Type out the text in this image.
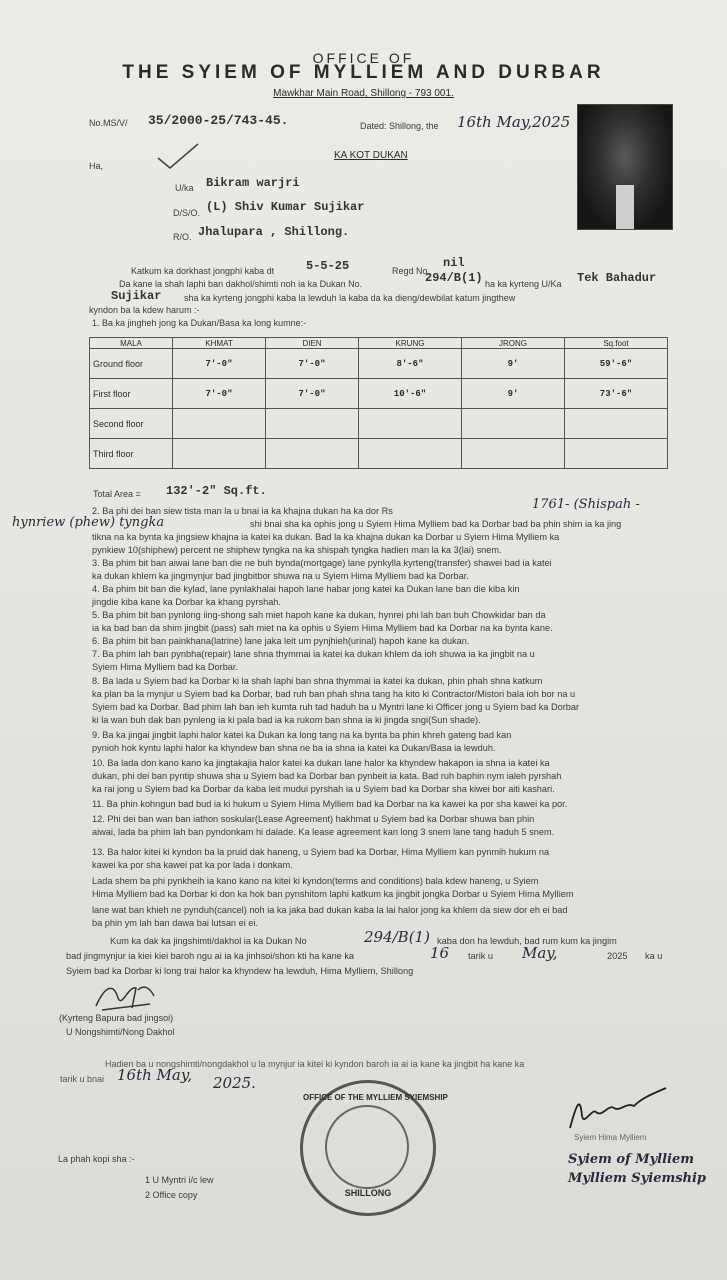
OFFICE OF
THE SYIEM OF MYLLIEM AND DURBAR
Mawkhar Main Road, Shillong - 793 001.
No.MS/V/ 35/2000-25/743-45.	Dated: Shillong, the 16th May,2025
KA KOT DUKAN
Ha,
U/ka Bikram warjri
D/S/O. (L) Shiv Kumar Sujikar
R/O. Jhalupara , Shillong.
Katkum ka dorkhast jongphi kaba dt	5-5-25	Regd No.
nil
Da kane la shah laphi ban dakhol/shimti noh ia ka Dukan No.	294/B(1) ha ka kyrteng U/Ka Tek Bahadur
Sujikar	sha ka kyrteng jongphi kaba la lewduh la kaba da ka dieng/dewbilat katum jingthew
kyndon ba la kdew harum :-
1. Ba ka jingheh jong ka Dukan/Basa ka long kumne:-
MALA	KHMAT	DIEN	KRUNG	JRONG	Sq.foot
Ground floor	7'-0"	7'-0"	8'-6"	9'	59'-6"
First floor	7'-0"	7'-0"	10'-6"	9'	73'-6"
Second floor					
Third floor					
Total Area = 132'-2" Sq.ft.
1761- (Shispah - hynriew (phew) tyngka
2. Ba phi dei ban siew tista man la u bnai ia ka khajna dukan ha ka dor Rs
shi bnai sha ka ophis jong u Syiem Hima Mylliem bad ka Dorbar bad ba phin shim ia ka jing
tikna na ka bynta ka jingsiew khajna ia katei ka dukan. Bad la ka khajna dukan ka Dorbar u Syiem Hima Mylliem ka
pynkiew 10(shiphew) percent ne shiphew tyngka na ka shispah tyngka hadien man la ka 3(lai) snem.
3. Ba phim bit ban aiwai lane ban die ne buh bynda(mortgage) lane pynkylla kyrteng(transfer) shawei bad ia katei
ka dukan khlem ka jingmynjur bad jingbitbor shuwa na u Syiem Hima Mylliem bad ka Dorbar.
4. Ba phim bit ban die kylad, lane pynlakhalai hapoh lane habar jong katei ka Dukan lane ban die kiba kin
jingdie kiba kane ka Dorbar ka khang pyrshah.
5. Ba phim bit ban pynlong iing-shong sah miet hapoh kane ka dukan, hynrei phi lah ban buh Chowkidar ban da
ia ka bad ban da shim jingbit (pass) sah miet na ka ophis u Syiem Hima Mylliem bad ka Dorbar na ka bynta kane.
6. Ba phim bit ban painkhana(latrine) lane jaka leit um pynjhieh(urinal) hapoh kane ka dukan.
7. Ba phim lah ban pynbha(repair) lane shna thymmai ia katei ka dukan khlem da ioh shuwa ia ka jingbit na u
Syiem Hima Mylliem bad ka Dorbar.
8. Ba lada u Syiem bad ka Dorbar ki la shah laphi ban shna thymmai ia katei ka dukan, phin phah shna katkum
ka plan ba la mynjur u Syiem bad ka Dorbar, bad ruh ban phah shna tang ha kito ki Contractor/Mistori bala ioh bor na u
Syiem bad ka Dorbar. Bad phim lah ban ieh kumta ruh tad haduh ba u Myntri lane ki Officer jong u Syiem bad ka Dorbar
ki la wan buh dak ban pynleng ia ki pala bad ia ka rukom ban shna ia ki jingda sngi(Sun shade).
9. Ba ka jingai jingbit laphi halor katei ka Dukan ka long tang na ka bynta ba phin khreh gateng bad kan
pynioh hok kyntu laphi halor ka khyndew ban shna ne ba ia shna ia katei ka Dukan/Basa ia lewduh.
10. Ba lada don kano kano ka jingtakajia halor katei ka dukan lane halor ka khyndew hakapon ia shna ia katei ka
dukan, phi dei ban pyntip shuwa sha u Syiem bad ka Dorbar ban pynbeit ia kata. Bad ruh baphin nym ialeh pyrshah
ka rai jong u Syiem bad ka Dorbar da kaba leit mudui pyrshah ia u Syiem bad ka Dorbar sha kiwei bor aiti kashari.
11. Ba phin kohngun bad bud ia ki hukum u Syiem Hima Mylliem bad ka Dorbar na ka kawei ka por sha kawei ka por.
12. Phi dei ban wan ban iathon soskular(Lease Agreement) hakhmat u Syiem bad ka Dorbar shuwa ban phin
aiwai, lada ba phim lah ban pyndonkam hi dalade. Ka lease agreement kan long 3 snem lane tang haduh 5 snem.
13. Ba halor kitei ki kyndon ba la pruid dak haneng, u Syiem bad ka Dorbar, Hima Mylliem kan pynmih hukum na
kawei ka por sha kawei pat ka por lada i donkam.
Lada shem ba phi pynkheih ia kano kano na kitei ki kyndon(terms and conditions) bala kdew haneng, u Syiem
Hima Mylliem bad ka Dorbar ki don ka hok ban pynshitom laphi katkum ka jingbit jongka Dorbar u Syiem Hima Mylliem
lane wat ban khieh ne pynduh(cancel) noh ia ka jaka bad dukan kaba la lai halor jong ka khlem da siew dor eh ei bad
ba phin ym lah ban dawa bai lutsan ei ei.
Kum ka dak ka jingshimti/dakhol ia ka Dukan No	294/B(1) kaba don ha lewduh, bad rum kum ka jingim
bad jingmynjur ia kiei kiei baroh ngu ai ia ka jinhsoi/shon kti ha kane ka	16 tarik u May,	2025 ka u
Syiem bad ka Dorbar ki long trai halor ka khyndew ha lewduh, Hima Mylliem, Shillong
(Kyrteng Bapura bad jingsoi)
U Nongshimti/Nong Dakhol
Hadien ba u nongshimti/nongdakhol u la mynjur ia kitei ki kyndon baroh ia ai ia kane ka jingbit ha kane ka
tarik u bnai 16th May, 2025.
OFFICE OF THE MYLLIEM SYIEMSHIP
SHILLONG
Syiem Hima Mylliem
Syiem of Mylliem
Mylliem Syiemship
La phah kopi sha :-
1 U Myntri i/c lew
2 Office copy
